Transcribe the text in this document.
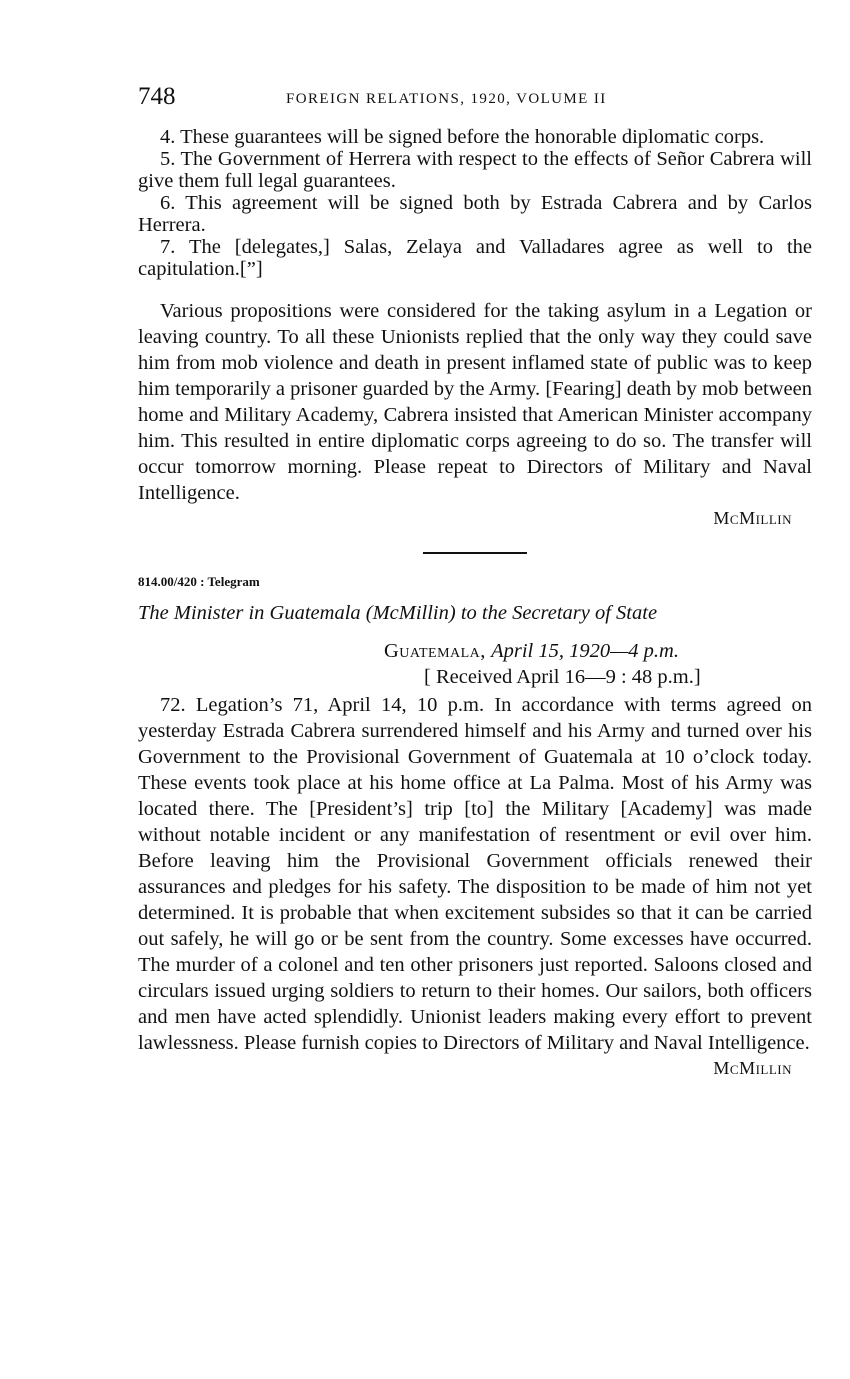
748	FOREIGN RELATIONS, 1920, VOLUME II

4. These guarantees will be signed before the honorable diplomatic corps.

5. The Government of Herrera with respect to the effects of Señor Cabrera will give them full legal guarantees.

6. This agreement will be signed both by Estrada Cabrera and by Carlos Herrera.

7. The [delegates,] Salas, Zelaya and Valladares agree as well to the capitulation.[”]

Various propositions were considered for the taking asylum in a Legation or leaving country. To all these Unionists replied that the only way they could save him from mob violence and death in present inflamed state of public was to keep him temporarily a prisoner guarded by the Army. [Fearing] death by mob between home and Military Academy, Cabrera insisted that American Minister accompany him. This resulted in entire diplomatic corps agreeing to do so. The transfer will occur tomorrow morning. Please repeat to Directors of Military and Naval Intelligence.

McMillin
814.00/420 : Telegram
The Minister in Guatemala (McMillin) to the Secretary of State
Guatemala, April 15, 1920—4 p.m.
[ Received April 16—9 : 48 p.m.]

72. Legation’s 71, April 14, 10 p.m. In accordance with terms agreed on yesterday Estrada Cabrera surrendered himself and his Army and turned over his Government to the Provisional Government of Guatemala at 10 o’clock today. These events took place at his home office at La Palma. Most of his Army was located there. The [President’s] trip [to] the Military [Academy] was made without notable incident or any manifestation of resentment or evil over him. Before leaving him the Provisional Government officials renewed their assurances and pledges for his safety. The disposition to be made of him not yet determined. It is probable that when excitement subsides so that it can be carried out safely, he will go or be sent from the country. Some excesses have occurred. The murder of a colonel and ten other prisoners just reported. Saloons closed and circulars issued urging soldiers to return to their homes. Our sailors, both officers and men have acted splendidly. Unionist leaders making every effort to prevent lawlessness. Please furnish copies to Directors of Military and Naval Intelligence.

McMillin
